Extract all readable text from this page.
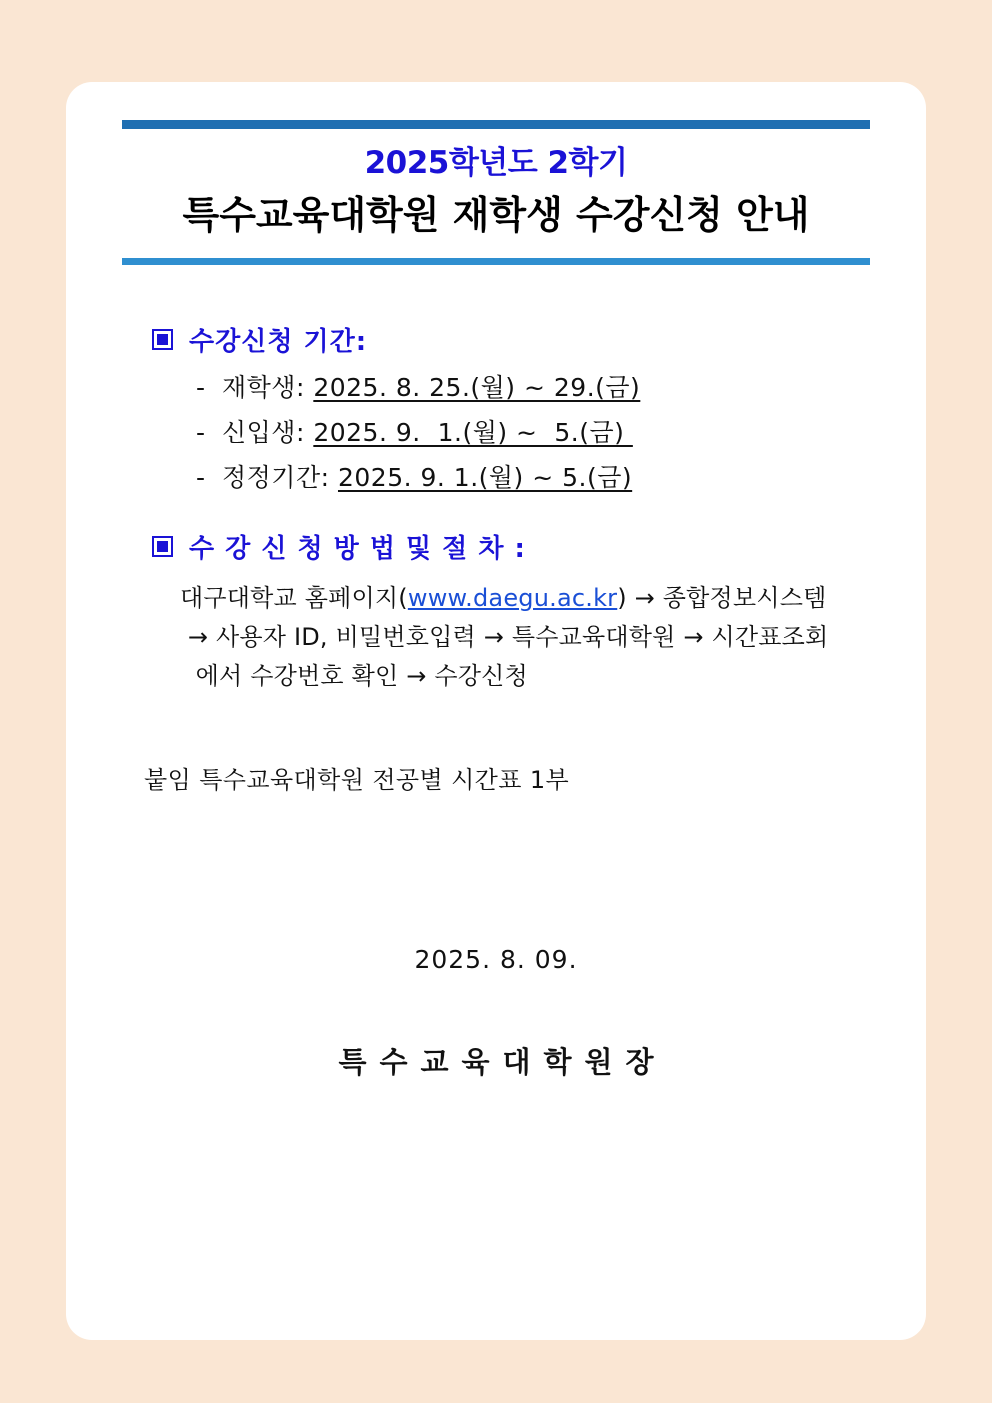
2025학년도 2학기
특수교육대학원 재학생 수강신청 안내
수강신청 기간:
- 재학생: 2025. 8. 25.(월) ~ 29.(금)
- 신입생: 2025. 9.  1.(월) ~  5.(금)
- 정정기간: 2025. 9. 1.(월) ~ 5.(금)
수 강 신 청 방 법 및 절 차 :
대구대학교 홈페이지(www.daegu.ac.kr) → 종합정보시스템
→ 사용자 ID, 비밀번호입력 → 특수교육대학원 → 시간표조회
에서 수강번호 확인 → 수강신청
붙임 특수교육대학원 전공별 시간표 1부
2025. 8. 09.
특수교육대학원장
